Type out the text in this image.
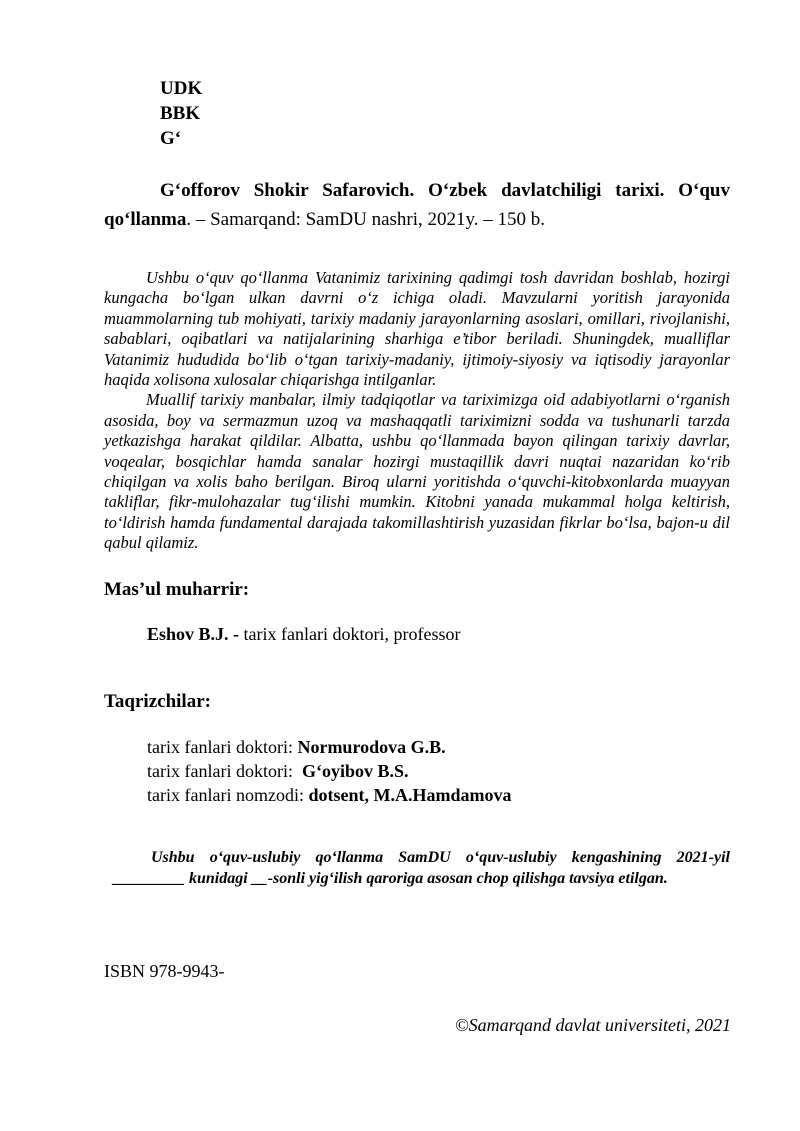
UDK
BBK
G‘
G‘offorov Shokir Safarovich. O‘zbek davlatchiligi tarixi. O‘quv qo‘llanma. – Samarqand: SamDU nashri, 2021y. – 150 b.

Ushbu o‘quv qo‘llanma Vatanimiz tarixining qadimgi tosh davridan boshlab, hozirgi kungacha bo‘lgan ulkan davrni o‘z ichiga oladi. Mavzularni yoritish jarayonida muammolarning tub mohiyati, tarixiy madaniy jarayonlarning asoslari, omillari, rivojlanishi, sabablari, oqibatlari va natijalarining sharhiga e’tibor beriladi. Shuningdek, mualliflar Vatanimiz hududida bo‘lib o‘tgan tarixiy-madaniy, ijtimoiy-siyosiy va iqtisodiy jarayonlar haqida xolisona xulosalar chiqarishga intilganlar.

Muallif tarixiy manbalar, ilmiy tadqiqotlar va tariximizga oid adabiyotlarni o‘rganish asosida, boy va sermazmun uzoq va mashaqqatli tariximizni sodda va tushunarli tarzda yetkazishga harakat qildilar. Albatta, ushbu qo‘llanmada bayon qilingan tarixiy davrlar, voqealar, bosqichlar hamda sanalar hozirgi mustaqillik davri nuqtai nazaridan ko‘rib chiqilgan va xolis baho berilgan. Biroq ularni yoritishda o‘quvchi-kitobxonlarda muayyan takliflar, fikr-mulohazalar tug‘ilishi mumkin. Kitobni yanada mukammal holga keltirish, to‘ldirish hamda fundamental darajada takomillashtirish yuzasidan fikrlar bo‘lsa, bajon-u dil qabul qilamiz.

Mas’ul muharrir:
Eshov B.J. - tarix fanlari doktori, professor
Taqrizchilar:
tarix fanlari doktori: Normurodova G.B.
tarix fanlari doktori:  G‘oyibov B.S.
tarix fanlari nomzodi: dotsent, M.A.Hamdamova
Ushbu o‘quv-uslubiy qo‘llanma SamDU o‘quv-uslubiy kengashining 2021-yil _________ kunidagi __-sonli yig‘ilish qaroriga asosan chop qilishga tavsiya etilgan.
ISBN 978-9943-
©Samarqand davlat universiteti, 2021
